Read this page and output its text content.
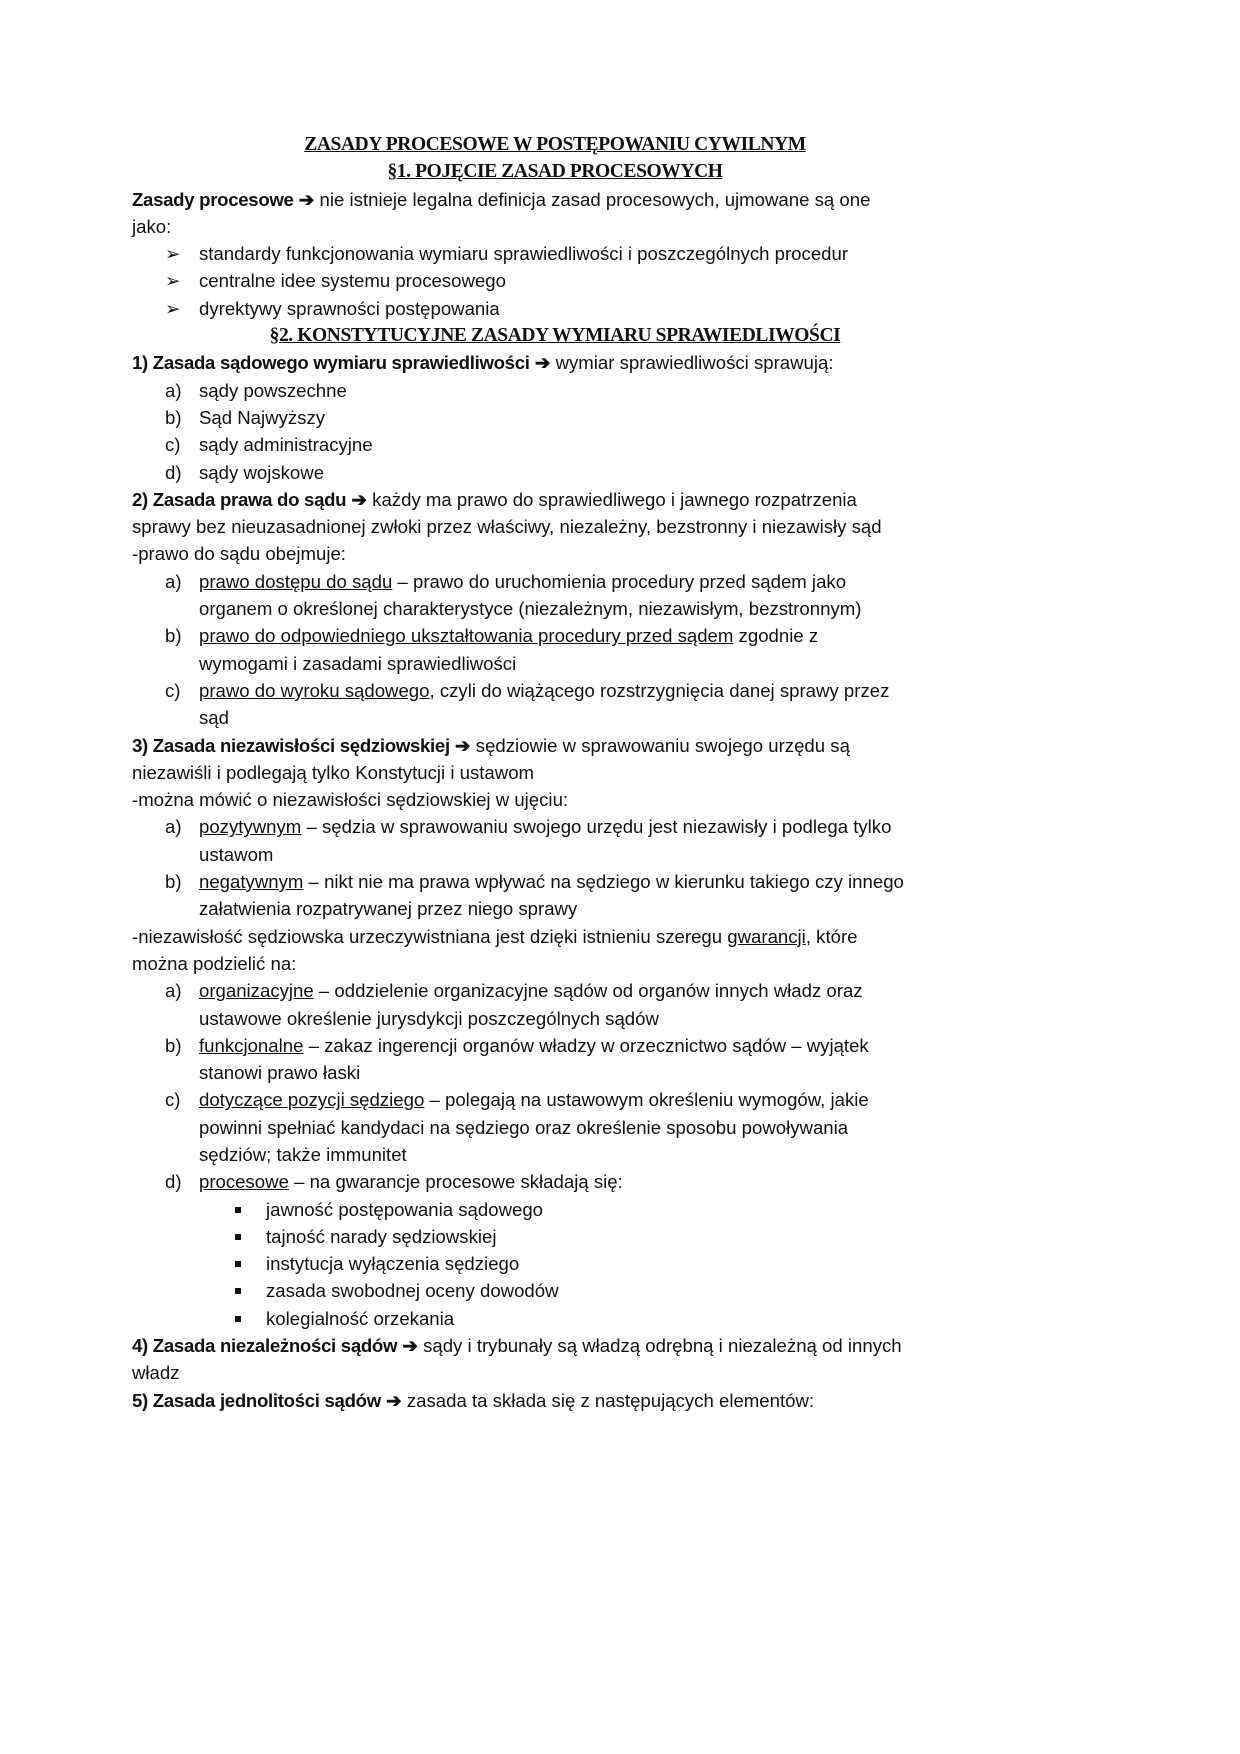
ZASADY PROCESOWE W POSTĘPOWANIU CYWILNYM
§1. POJĘCIE ZASAD PROCESOWYCH
Zasady procesowe ➔ nie istnieje legalna definicja zasad procesowych, ujmowane są one
jako:
➢ standardy funkcjonowania wymiaru sprawiedliwości i poszczególnych procedur
➢ centralne idee systemu procesowego
➢ dyrektywy sprawności postępowania
§2. KONSTYTUCYJNE ZASADY WYMIARU SPRAWIEDLIWOŚCI
1) Zasada sądowego wymiaru sprawiedliwości ➔ wymiar sprawiedliwości sprawują:
a) sądy powszechne
b) Sąd Najwyższy
c) sądy administracyjne
d) sądy wojskowe
2) Zasada prawa do sądu ➔ każdy ma prawo do sprawiedliwego i jawnego rozpatrzenia
sprawy bez nieuzasadnionej zwłoki przez właściwy, niezależny, bezstronny i niezawisły sąd
-prawo do sądu obejmuje:
a) prawo dostępu do sądu – prawo do uruchomienia procedury przed sądem jako
organem o określonej charakterystyce (niezależnym, niezawisłym, bezstronnym)
b) prawo do odpowiedniego ukształtowania procedury przed sądem zgodnie z
wymogami i zasadami sprawiedliwości
c) prawo do wyroku sądowego, czyli do wiążącego rozstrzygnięcia danej sprawy przez
sąd
3) Zasada niezawisłości sędziowskiej ➔ sędziowie w sprawowaniu swojego urzędu są
niezawiśli i podlegają tylko Konstytucji i ustawom
-można mówić o niezawisłości sędziowskiej w ujęciu:
a) pozytywnym – sędzia w sprawowaniu swojego urzędu jest niezawisły i podlega tylko
ustawom
b) negatywnym – nikt nie ma prawa wpływać na sędziego w kierunku takiego czy innego
załatwienia rozpatrywanej przez niego sprawy
-niezawisłość sędziowska urzeczywistniana jest dzięki istnieniu szeregu gwarancji, które
można podzielić na:
a) organizacyjne – oddzielenie organizacyjne sądów od organów innych władz oraz
ustawowe określenie jurysdykcji poszczególnych sądów
b) funkcjonalne – zakaz ingerencji organów władzy w orzecznictwo sądów – wyjątek
stanowi prawo łaski
c) dotyczące pozycji sędziego – polegają na ustawowym określeniu wymogów, jakie
powinni spełniać kandydaci na sędziego oraz określenie sposobu powoływania
sędziów; także immunitet
d) procesowe – na gwarancje procesowe składają się:
jawność postępowania sądowego
tajność narady sędziowskiej
instytucja wyłączenia sędziego
zasada swobodnej oceny dowodów
kolegialność orzekania
4) Zasada niezależności sądów ➔ sądy i trybunały są władzą odrębną i niezależną od innych
władz
5) Zasada jednolitości sądów ➔ zasada ta składa się z następujących elementów:
